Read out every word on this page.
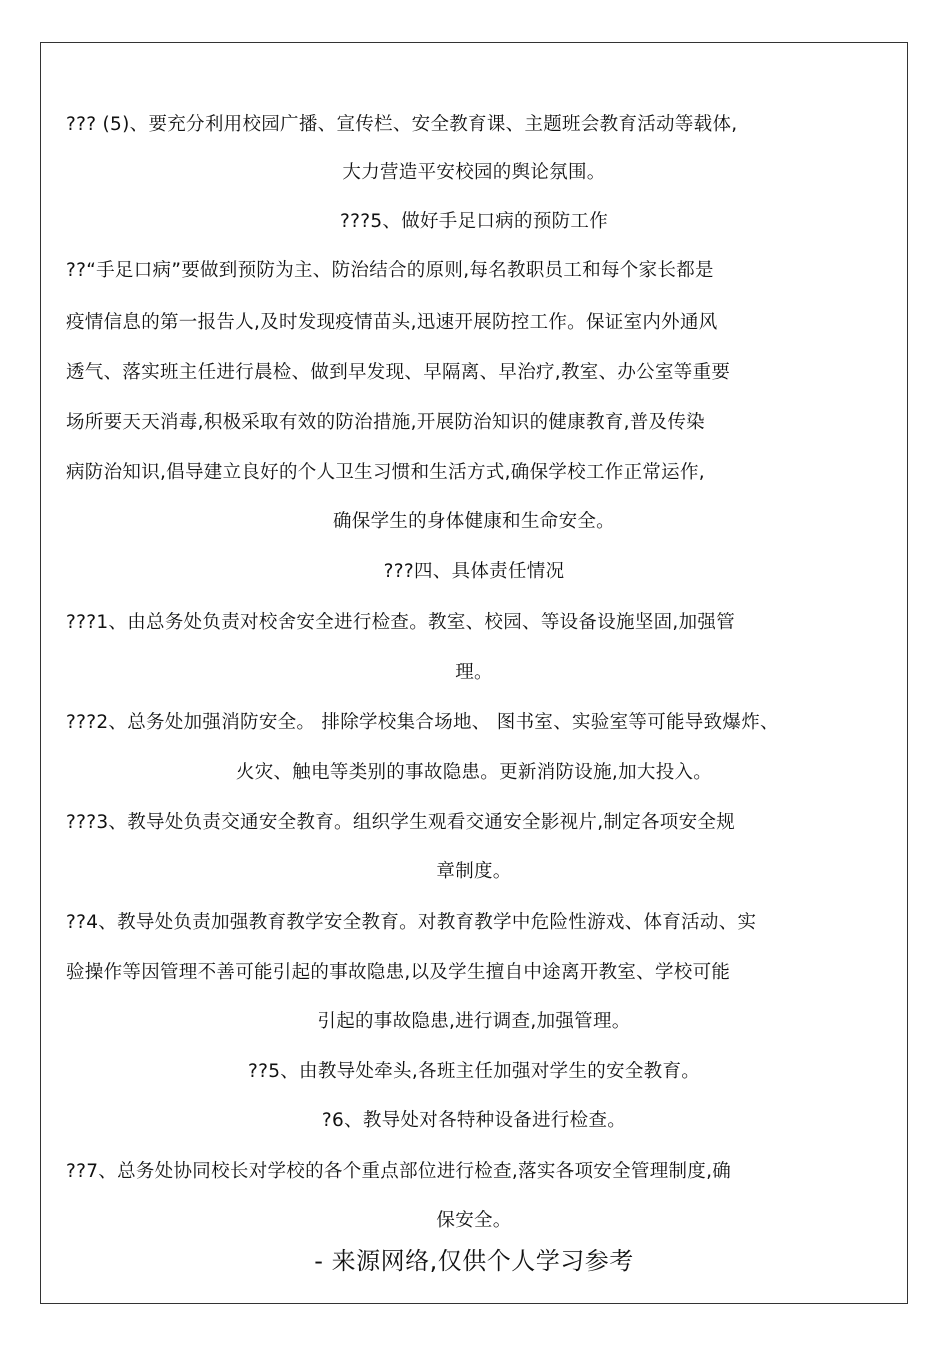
??? (5)、要充分利用校园广播、宣传栏、安全教育课、主题班会教育活动等载体,
大力营造平安校园的舆论氛围。
???5、做好手足口病的预防工作
??“手足口病”要做到预防为主、防治结合的原则,每名教职员工和每个家长都是
疫情信息的第一报告人,及时发现疫情苗头,迅速开展防控工作。保证室内外通风
透气、落实班主任进行晨检、做到早发现、早隔离、早治疗,教室、办公室等重要
场所要天天消毒,积极采取有效的防治措施,开展防治知识的健康教育,普及传染
病防治知识,倡导建立良好的个人卫生习惯和生活方式,确保学校工作正常运作,
确保学生的身体健康和生命安全。
???四、具体责任情况
???1、由总务处负责对校舍安全进行检查。教室、校园、等设备设施坚固,加强管
理。
???2、总务处加强消防安全。 排除学校集合场地、 图书室、实验室等可能导致爆炸、
火灾、触电等类别的事故隐患。更新消防设施,加大投入。
???3、教导处负责交通安全教育。组织学生观看交通安全影视片,制定各项安全规
章制度。
??4、教导处负责加强教育教学安全教育。对教育教学中危险性游戏、体育活动、实
验操作等因管理不善可能引起的事故隐患,以及学生擅自中途离开教室、学校可能
引起的事故隐患,进行调查,加强管理。
??5、由教导处牵头,各班主任加强对学生的安全教育。
?6、教导处对各特种设备进行检查。
??7、总务处协同校长对学校的各个重点部位进行检查,落实各项安全管理制度,确
保安全。
- 来源网络,仅供个人学习参考
